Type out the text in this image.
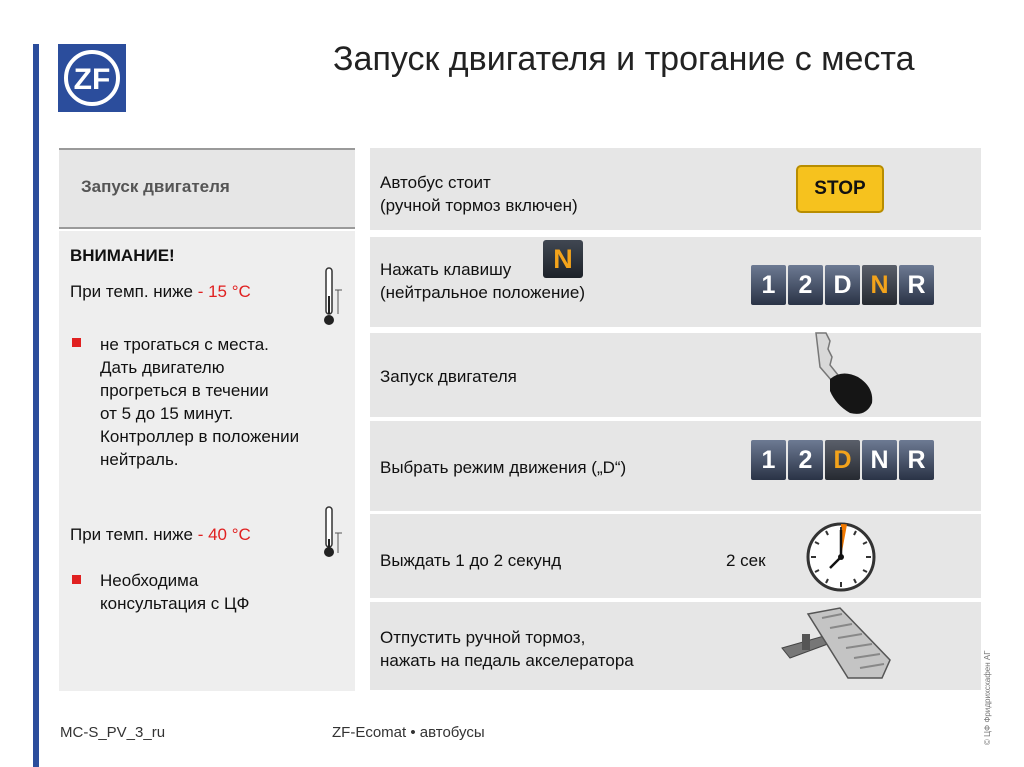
ZF
Запуск двигателя и трогание с места
Запуск двигателя
ВНИМАНИЕ!
При темп. ниже - 15 °C
не трогаться с места.
Дать двигателю
прогреться в течении
от 5 до 15 минут.
Контроллер в положении
нейтраль.
При темп. ниже - 40 °C
Необходима
консультация с ЦФ
Автобус стоит
(ручной тормоз включен)
STOP
Нажать клавишу
(нейтральное положение)
N
1 2 D N R
Запуск двигателя
Выбрать режим движения („D“)	1 2 D N R
Выждать 1 до 2 секунд	2 сек
Отпустить ручной тормоз,
нажать на педаль акселератора	© ЦФ Фридрихсхафен АГ
MC-S_PV_3_ru	ZF-Ecomat • автобусы
